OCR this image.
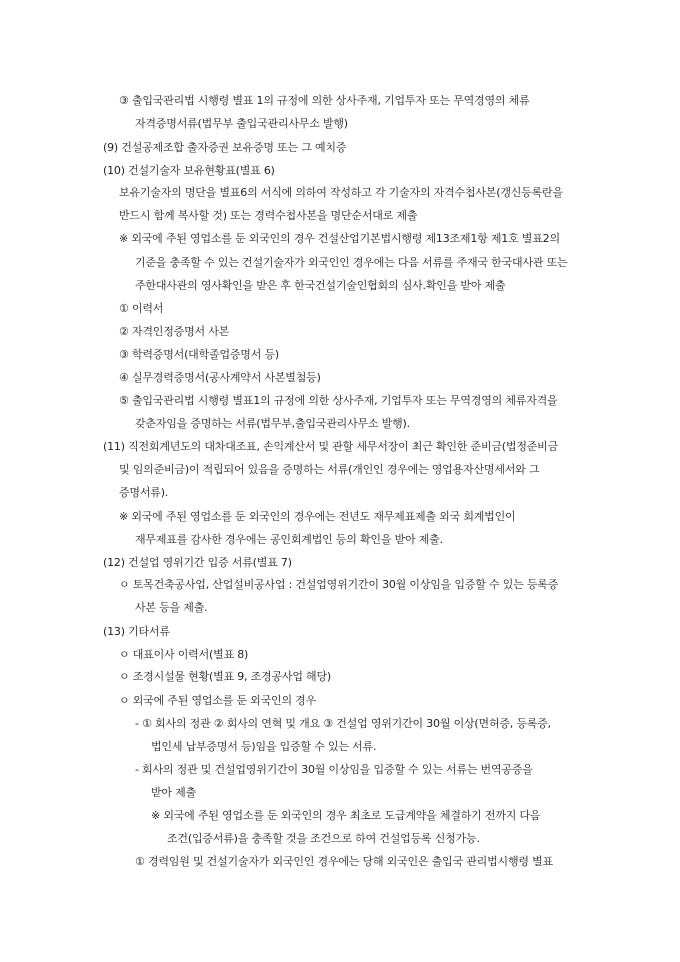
③ 출입국관리법 시행령 별표 1의 규정에 의한 상사주재, 기업투자 또는 무역경영의 체류
자격증명서류(법무부 출입국관리사무소 발행)
(9) 건설공제조합 출자증권 보유증명 또는 그 예치증
(10) 건설기술자 보유현황표(별표 6)
보유기술자의 명단을 별표6의 서식에 의하여 작성하고 각 기술자의 자격수첩사본(갱신등록란을
반드시 함께 복사할 것) 또는 경력수첩사본을 명단순서대로 제출
※ 외국에 주된 영업소를 둔 외국인의 경우 건설산업기본법시행령 제13조제1항 제1호 별표2의
기준을 충족할 수 있는 건설기술자가 외국인인 경우에는 다음 서류를 주재국 한국대사관 또는
주한대사관의 영사확인을 받은 후 한국건설기술인협회의 심사.확인을 받아 제출
① 이력서
② 자격인정증명서 사본
③ 학력증명서(대학졸업증명서 등)
④ 실무경력증명서(공사계약서 사본별첨등)
⑤ 출입국관리법 시행령 별표1의 규정에 의한 상사주재, 기업투자 또는 무역경영의 체류자격을
갖춘자임을 증명하는 서류(법무부,출입국관리사무소 발행).
(11) 직전회계년도의 대차대조표, 손익계산서 및 관할 세무서장이 최근 확인한 준비금(법정준비금
및 임의준비금)이 적립되어 있음을 증명하는 서류(개인인 경우에는 영업용자산명세서와 그
증명서류).
※ 외국에 주된 영업소를 둔 외국인의 경우에는 전년도 재무제표제출 외국 회계법인이
재무제표를 감사한 경우에는 공인회계법인 등의 확인을 받아 제출.
(12) 건설업 영위기간 입증 서류(별표 7)
ㅇ 토목건축공사업, 산업설비공사업 : 건설업영위기간이 30월 이상임을 입증할 수 있는 등록증
사본 등을 제출.
(13) 기타서류
ㅇ 대표이사 이력서(별표 8)
ㅇ 조경시설물 현황(별표 9, 조경공사업 해당)
ㅇ 외국에 주된 영업소를 둔 외국인의 경우
- ① 회사의 정관 ② 회사의 연혁 및 개요 ③ 건설업 영위기간이 30월 이상(면허증, 등록증,
법인세 납부증명서 등)임을 입증할 수 있는 서류.
- 회사의 정관 및 건설업영위기간이 30월 이상임을 입증할 수 있는 서류는 번역공증을
받아 제출
※ 외국에 주된 영업소를 둔 외국인의 경우 최초로 도급계약을 체결하기 전까지 다음
조건(입증서류)을 충족할 것을 조건으로 하여 건설업등록 신청가능.
① 경력임원 및 건설기술자가 외국인인 경우에는 당해 외국인은 출입국 관리법시행령 별표
